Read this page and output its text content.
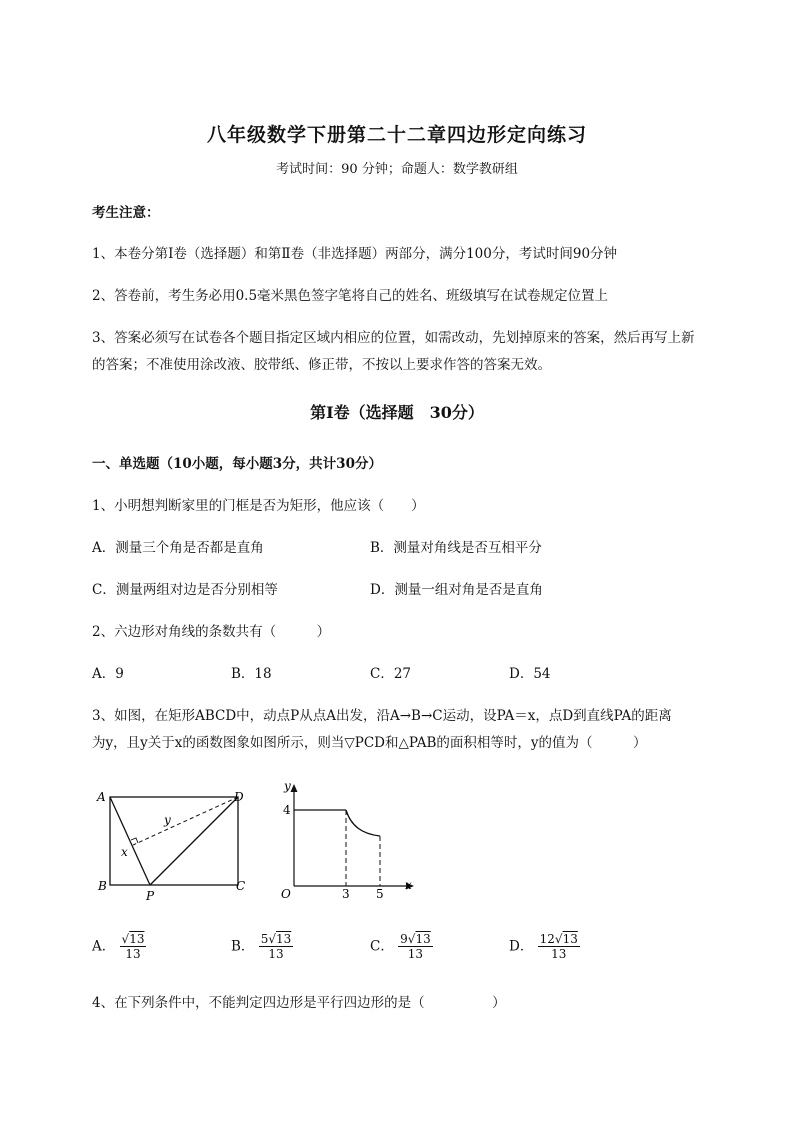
八年级数学下册第二十二章四边形定向练习
考试时间：90 分钟；命题人：数学教研组
考生注意：
1、本卷分第Ⅰ卷（选择题）和第Ⅱ卷（非选择题）两部分，满分100分，考试时间90分钟
2、答卷前，考生务必用0.5毫米黑色签字笔将自己的姓名、班级填写在试卷规定位置上
3、答案必须写在试卷各个题目指定区域内相应的位置，如需改动，先划掉原来的答案，然后再写上新
的答案；不准使用涂改液、胶带纸、修正带，不按以上要求作答的答案无效。
第Ⅰ卷（选择题　30分）
一、单选题（10小题，每小题3分，共计30分）
1、小明想判断家里的门框是否为矩形，他应该（　　）
A．测量三个角是否都是直角	B．测量对角线是否互相平分
C．测量两组对边是否分别相等	D．测量一组对角是否是直角
2、六边形对角线的条数共有（　　　）
A．9	B．18	C．27	D．54
3、如图，在矩形ABCD中，动点P从点A出发，沿A→B→C运动，设PA＝x，点D到直线PA的距离
为y，且y关于x的函数图象如图所示，则当▽PCD和△PAB的面积相等时，y的值为（　　　）
A
B	C
D
P
x
y
y
x
O
4
3 5
A． $\frac{√13}{13}$	B． $\frac{5√13}{13}$	C． $\frac{9√13}{13}$	D． $\frac{12√13}{13}$
4、在下列条件中，不能判定四边形是平行四边形的是（　　　　　）
